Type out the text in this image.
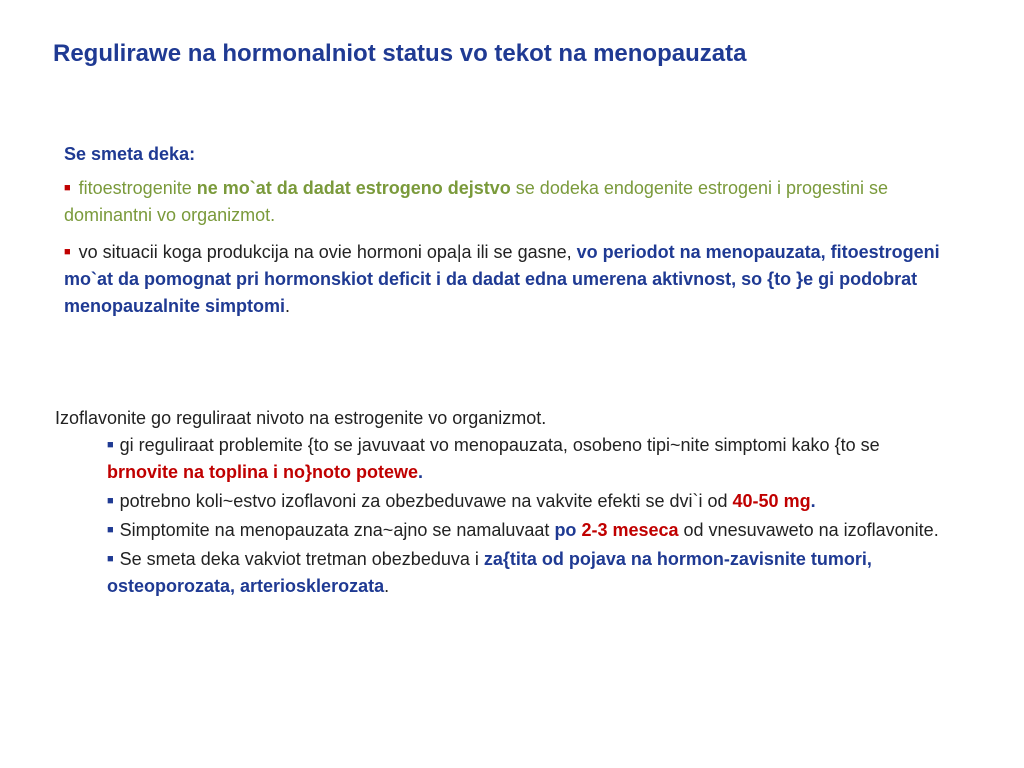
Regulirawe na hormonalniot status vo tekot na menopauzata

Se smeta deka:

■ fitoestrogenite ne mo`at da dadat estrogeno dejstvo se dodeka endogenite estrogeni i progestini se dominantni vo organizmot.

■ vo situacii koga produkcija na ovie hormoni opa|a ili se gasne, vo periodot na menopauzata, fitoestrogeni mo`at da pomognat pri hormonskiot deficit i da dadat edna umerena aktivnost, so {to }e gi podobrat menopauzalnite simptomi.

Izoflavonite go reguliraat nivoto na estrogenite vo organizmot.

■ gi reguliraat problemite {to se javuvaat vo menopauzata, osobeno tipi~nite simptomi kako {to se brnovite na toplina i no}noto potewe.
■ potrebno koli~estvo izoflavoni za obezbeduvawe na vakvite efekti se dvi`i od 40-50 mg.
■ Simptomite na menopauzata zna~ajno se namaluvaat po 2-3 meseca od vnesuvaweto na izoflavonite.
■ Se smeta deka vakviot tretman obezbeduva i za{tita od pojava na hormon-zavisnite tumori, osteoporozata, arteriosklerozata.
